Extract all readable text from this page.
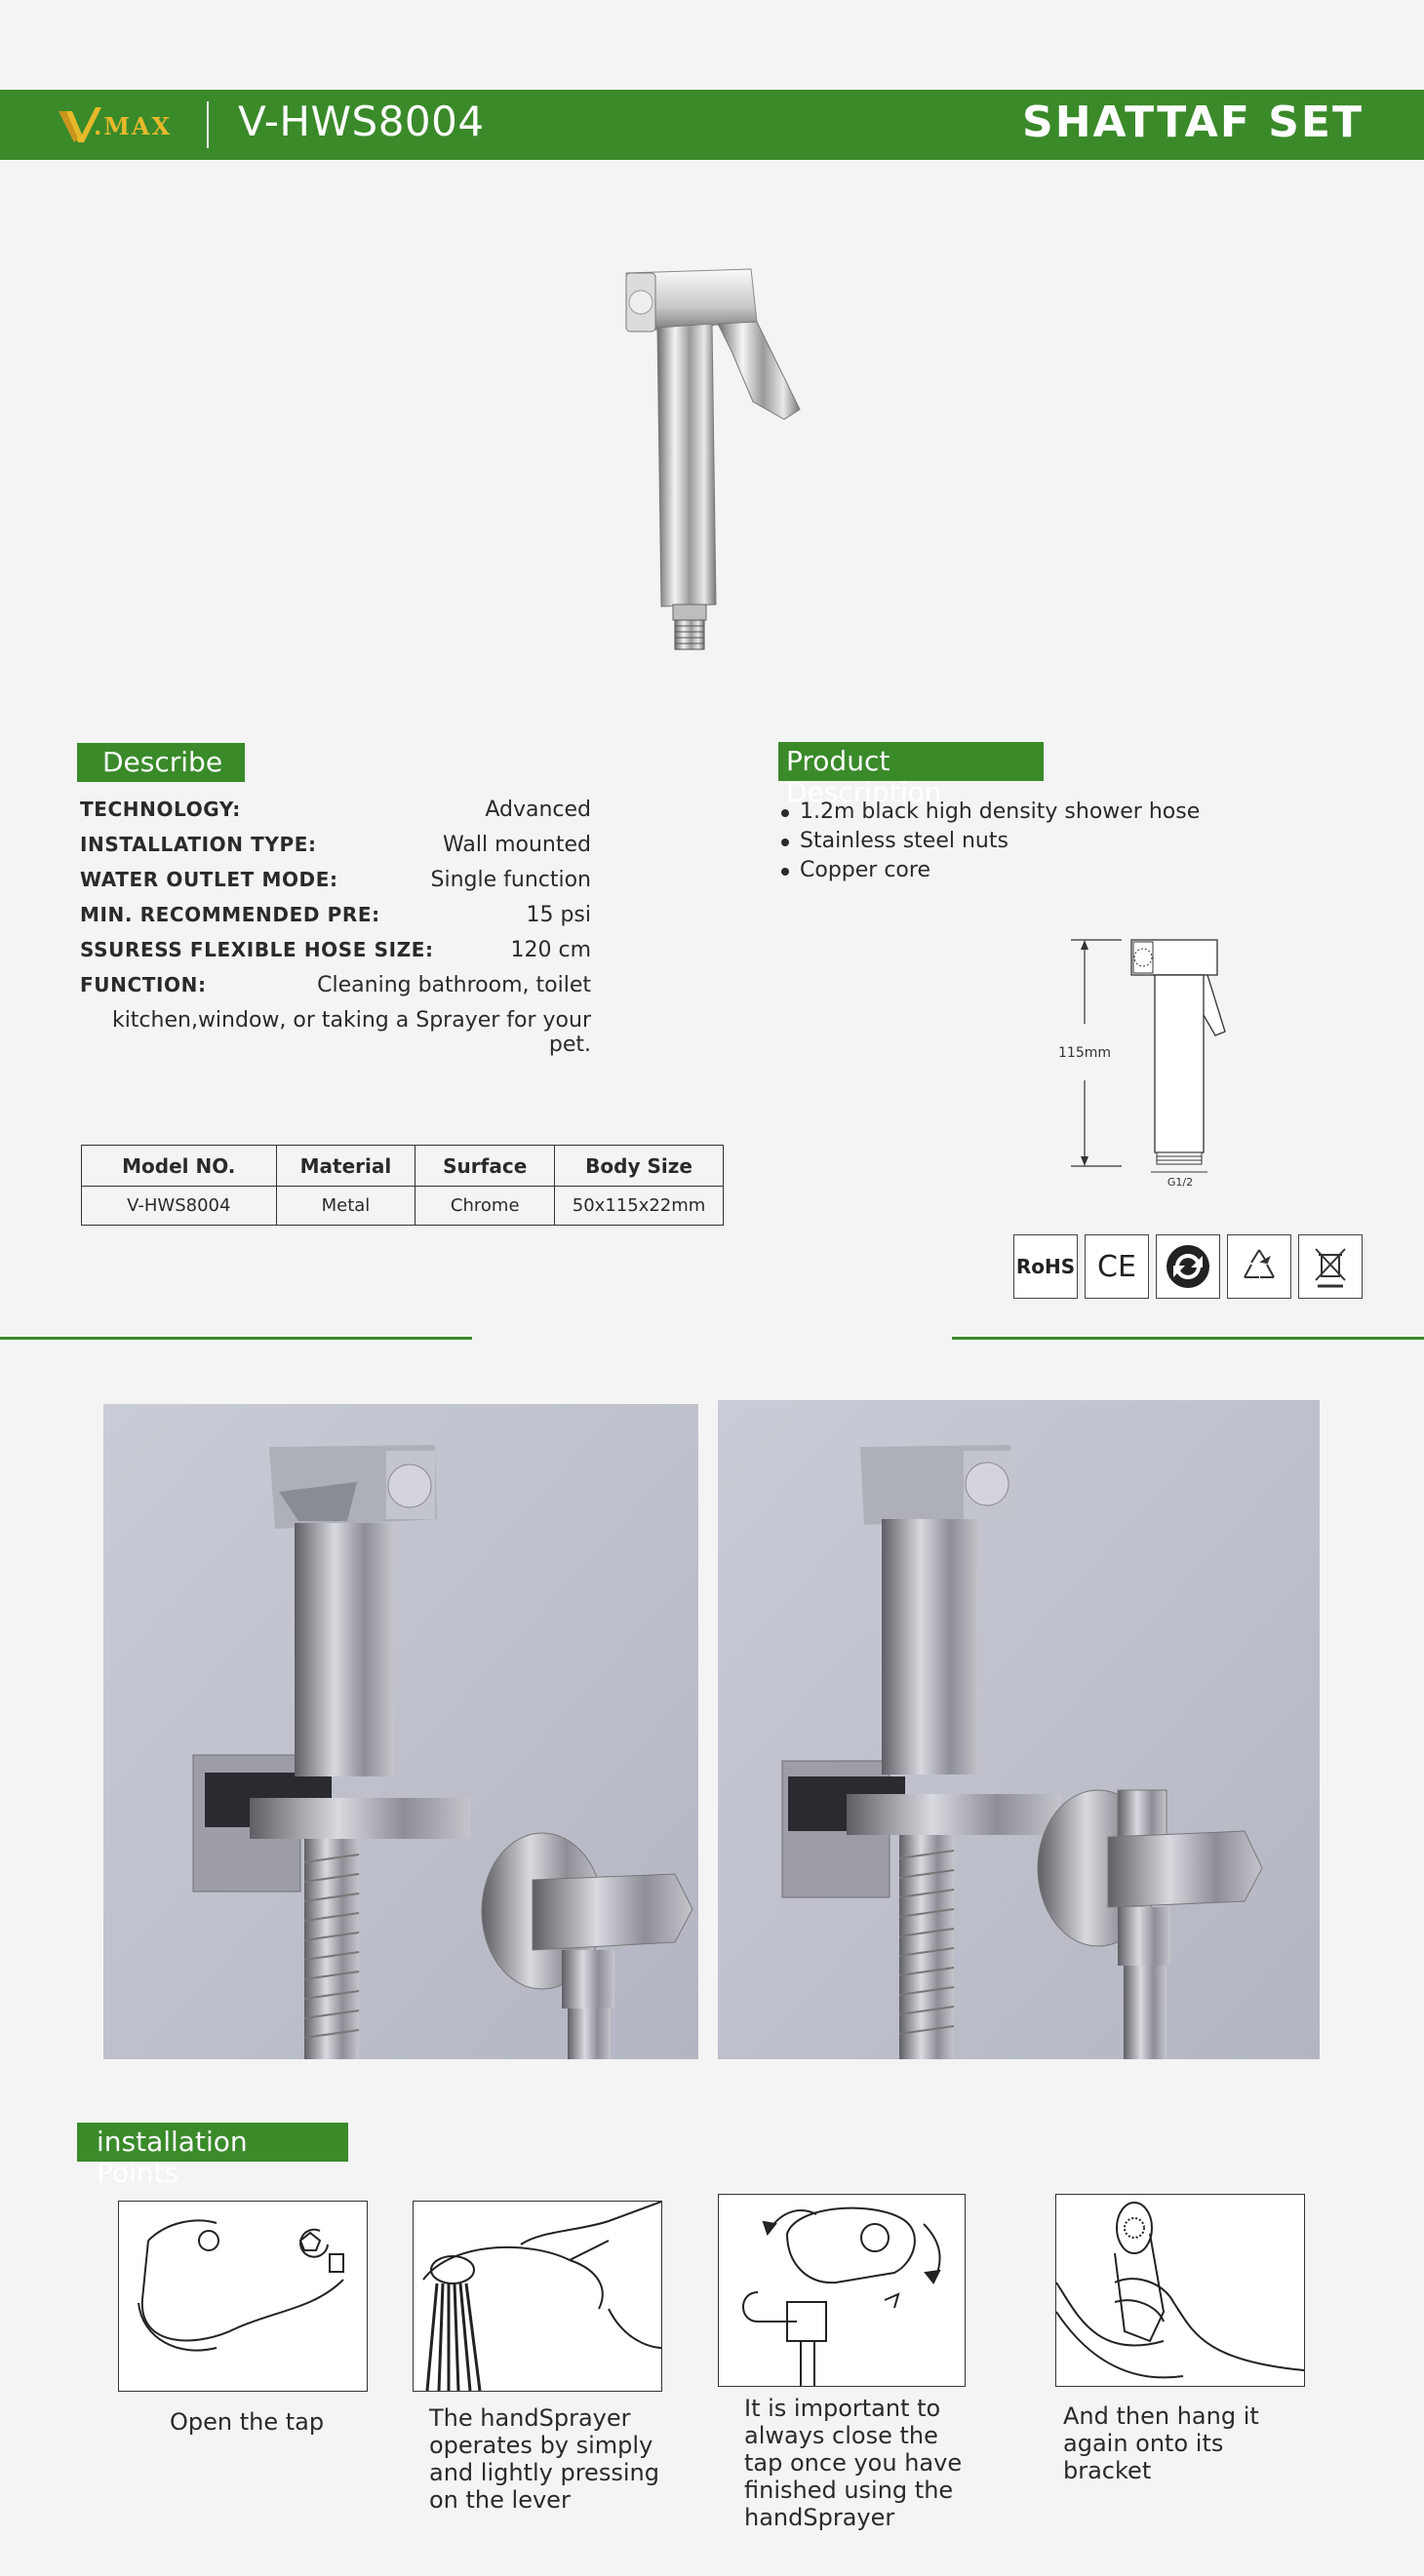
.MAX V-HWS8004	SHATTAF SET
Describe
TECHNOLOGY:	Advanced
INSTALLATION TYPE:	Wall mounted
WATER OUTLET MODE:	Single function
MIN. RECOMMENDED PRE:	15 psi
SSURESS FLEXIBLE HOSE SIZE:	120 cm
FUNCTION:	Cleaning bathroom, toilet
kitchen,window, or taking a Sprayer for your pet.
Model NO.	Material	Surface	Body Size
V-HWS8004	Metal	Chrome	50x115x22mm
Product Description
1.2m black high density shower hose
Stainless steel nuts
Copper core
115mm
G1/2
RoHS CE
installation Points
Open the tap	The handSprayer operates by simply and lightly pressing on the lever
It is important to always close the tap once you have finished using the handSprayer
And then hang it again onto its bracket
